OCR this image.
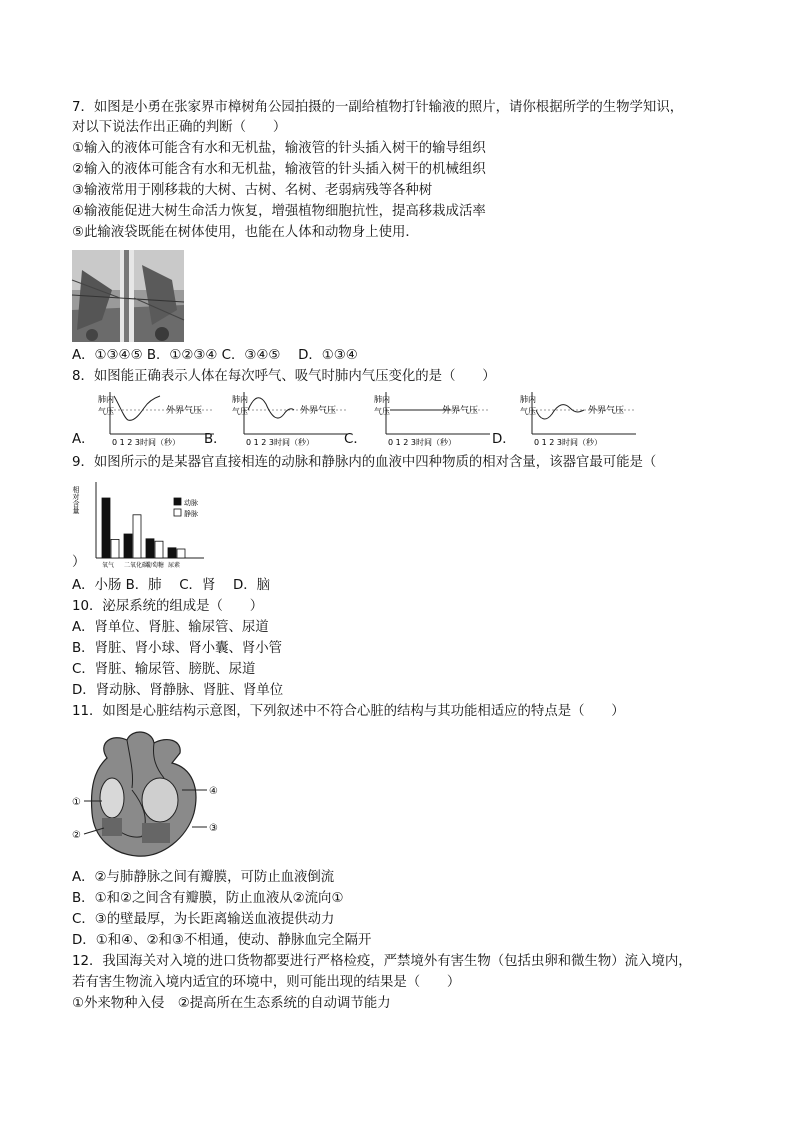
7．如图是小勇在张家界市樟树角公园拍摄的一副给植物打针输液的照片，请你根据所学的生物学知识，
对以下说法作出正确的判断（　　）
①输入的液体可能含有水和无机盐，输液管的针头插入树干的输导组织
②输入的液体可能含有水和无机盐，输液管的针头插入树干的机械组织
③输液常用于刚移栽的大树、古树、名树、老弱病残等各种树
④输液能促进大树生命活力恢复，增强植物细胞抗性，提高移栽成活率
⑤此输液袋既能在树体使用，也能在人体和动物身上使用．
A．①③④⑤ B．①②③④ C．③④⑤　 D．①③④
8．如图能正确表示人体在每次呼气、吸气时肺内气压变化的是（　　）
A．	B．	C．	D．
肺内
气压	外界气压
0 1 2 3时间（秒）
肺内
气压	外界气压
0 1 2 3时间（秒）
肺内
气压	外界气压
0 1 2 3时间（秒）
肺内
气压	外界气压
0 1 2 3时间（秒）
9．如图所示的是某器官直接相连的动脉和静脉内的血液中四种物质的相对含量，该器官最可能是（
相对含量
氧气 二氧化碳
葡萄糖 尿素
动脉
静脉
）
A．小肠 B．肺　 C．肾　 D．脑
10．泌尿系统的组成是（　　）
A．肾单位、肾脏、输尿管、尿道
B．肾脏、肾小球、肾小囊、肾小管
C．肾脏、输尿管、膀胱、尿道
D．肾动脉、肾静脉、肾脏、肾单位
11．如图是心脏结构示意图，下列叙述中不符合心脏的结构与其功能相适应的特点是（　　）
①
②
③
④
A．②与肺静脉之间有瓣膜，可防止血液倒流
B．①和②之间含有瓣膜，防止血液从②流向①
C．③的壁最厚，为长距离输送血液提供动力
D．①和④、②和③不相通，使动、静脉血完全隔开
12．我国海关对入境的进口货物都要进行严格检疫，严禁境外有害生物（包括虫卵和微生物）流入境内，
若有害生物流入境内适宜的环境中，则可能出现的结果是（　　）
①外来物种入侵　②提高所在生态系统的自动调节能力
